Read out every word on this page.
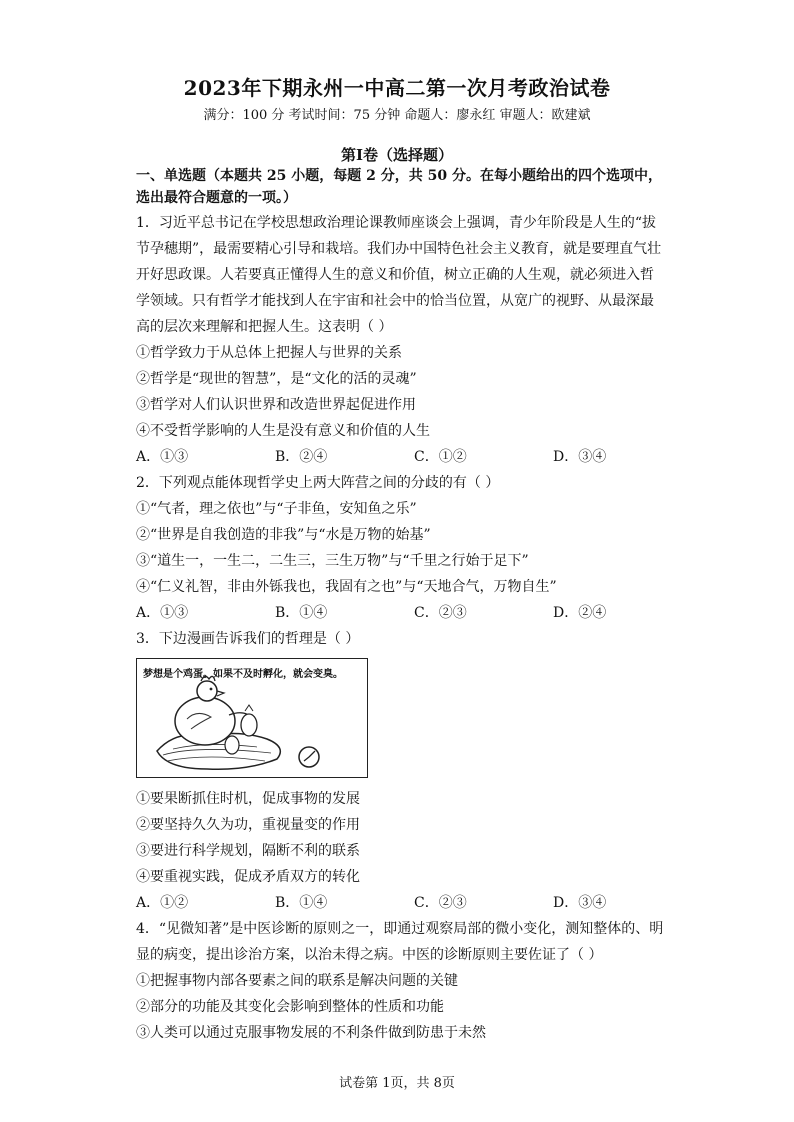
2023年下期永州一中高二第一次月考政治试卷
满分：100 分 考试时间：75 分钟 命题人：廖永红 审题人：欧建斌
第Ⅰ卷（选择题）
一、单选题（本题共 25 小题，每题 2 分，共 50 分。在每小题给出的四个选项中，选出最符合题意的一项。）

1．习近平总书记在学校思想政治理论课教师座谈会上强调，青少年阶段是人生的“拔节孕穗期”，最需要精心引导和栽培。我们办中国特色社会主义教育，就是要理直气壮开好思政课。人若要真正懂得人生的意义和价值，树立正确的人生观，就必须进入哲学领域。只有哲学才能找到人在宇宙和社会中的恰当位置，从宽广的视野、从最深最高的层次来理解和把握人生。这表明（ ）

①哲学致力于从总体上把握人与世界的关系

②哲学是“现世的智慧”，是“文化的活的灵魂”

③哲学对人们认识世界和改造世界起促进作用

④不受哲学影响的人生是没有意义和价值的人生

A．①③	B．②④	C．①②	D．③④

2．下列观点能体现哲学史上两大阵营之间的分歧的有（ ）

①“气者，理之依也”与“子非鱼，安知鱼之乐”

②“世界是自我创造的非我”与“水是万物的始基”

③“道生一，一生二，二生三，三生万物”与“千里之行始于足下”

④“仁义礼智，非由外铄我也，我固有之也”与“天地合气，万物自生”

A．①③	B．①④	C．②③	D．②④

3．下边漫画告诉我们的哲理是（ ）

梦想是个鸡蛋。如果不及时孵化，就会变臭。

①要果断抓住时机，促成事物的发展

②要坚持久久为功，重视量变的作用

③要进行科学规划，隔断不利的联系

④要重视实践，促成矛盾双方的转化

A．①②	B．①④	C．②③	D．③④

4．“见微知著”是中医诊断的原则之一，即通过观察局部的微小变化，测知整体的、明显的病变，提出诊治方案，以治未得之病。中医的诊断原则主要佐证了（ ）

①把握事物内部各要素之间的联系是解决问题的关键

②部分的功能及其变化会影响到整体的性质和功能

③人类可以通过克服事物发展的不利条件做到防患于未然

试卷第 1页，共 8页
